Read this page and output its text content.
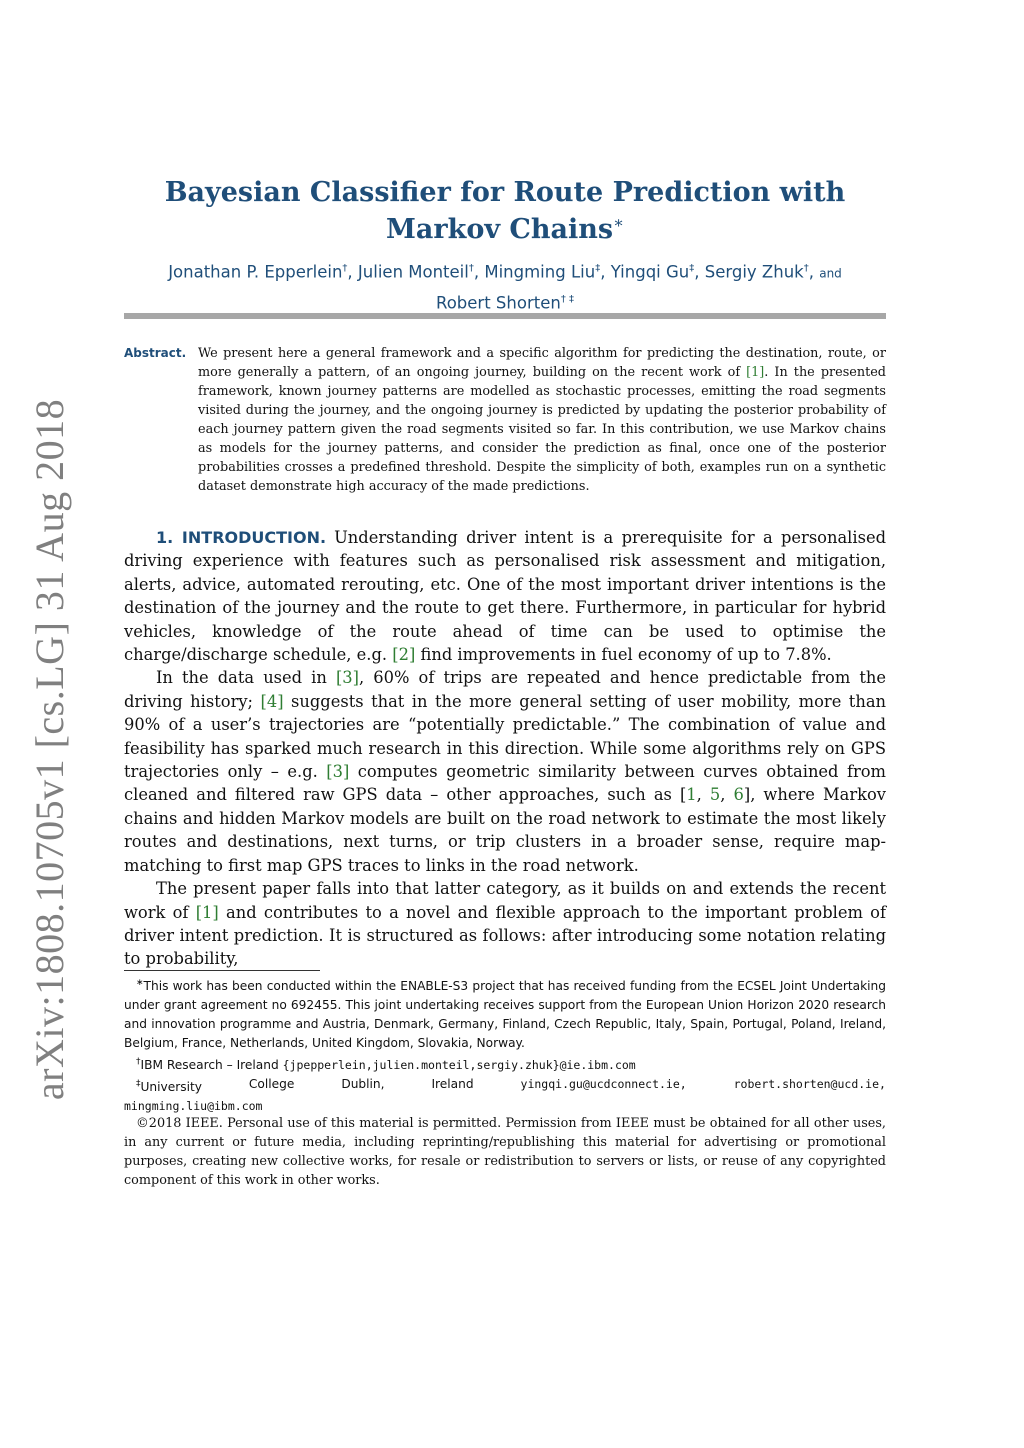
arXiv:1808.10705v1 [cs.LG] 31 Aug 2018
Bayesian Classifier for Route Prediction with
Markov Chains∗
Jonathan P. Epperlein†, Julien Monteil†, Mingming Liu‡, Yingqi Gu‡, Sergiy Zhuk†, and
Robert Shorten† ‡
Abstract. We present here a general framework and a specific algorithm for predicting the destination, route, or more generally a pattern, of an ongoing journey, building on the recent work of [1]. In the presented framework, known journey patterns are modelled as stochastic processes, emitting the road segments visited during the journey, and the ongoing journey is predicted by updating the posterior probability of each journey pattern given the road segments visited so far. In this contribution, we use Markov chains as models for the journey patterns, and consider the prediction as final, once one of the posterior probabilities crosses a predefined threshold. Despite the simplicity of both, examples run on a synthetic dataset demonstrate high accuracy of the made predictions.

1. INTRODUCTION. Understanding driver intent is a prerequisite for a personalised driving experience with features such as personalised risk assessment and mitigation, alerts, advice, automated rerouting, etc. One of the most important driver intentions is the destination of the journey and the route to get there. Furthermore, in particular for hybrid vehicles, knowledge of the route ahead of time can be used to optimise the charge/discharge schedule, e.g. [2] find improvements in fuel economy of up to 7.8%.

In the data used in [3], 60% of trips are repeated and hence predictable from the driving history; [4] suggests that in the more general setting of user mobility, more than 90% of a user’s trajectories are “potentially predictable.” The combination of value and feasibility has sparked much research in this direction. While some algorithms rely on GPS trajectories only – e.g. [3] computes geometric similarity between curves obtained from cleaned and filtered raw GPS data – other approaches, such as [1, 5, 6], where Markov chains and hidden Markov models are built on the road network to estimate the most likely routes and destinations, next turns, or trip clusters in a broader sense, require map-matching to first map GPS traces to links in the road network.

The present paper falls into that latter category, as it builds on and extends the recent work of [1] and contributes to a novel and flexible approach to the important problem of driver intent prediction. It is structured as follows: after introducing some notation relating to probability,

∗This work has been conducted within the ENABLE-S3 project that has received funding from the ECSEL Joint Undertaking under grant agreement no 692455. This joint undertaking receives support from the European Union Horizon 2020 research and innovation programme and Austria, Denmark, Germany, Finland, Czech Republic, Italy, Spain, Portugal, Poland, Ireland, Belgium, France, Netherlands, United Kingdom, Slovakia, Norway.

†IBM Research – Ireland {jpepperlein,julien.monteil,sergiy.zhuk}@ie.ibm.com

‡University	College	Dublin,	Ireland	yingqi.gu@ucdconnect.ie,	robert.shorten@ucd.ie,

mingming.liu@ibm.com

©2018 IEEE. Personal use of this material is permitted. Permission from IEEE must be obtained for all other uses, in any current or future media, including reprinting/republishing this material for advertising or promotional purposes, creating new collective works, for resale or redistribution to servers or lists, or reuse of any copyrighted component of this work in other works.
